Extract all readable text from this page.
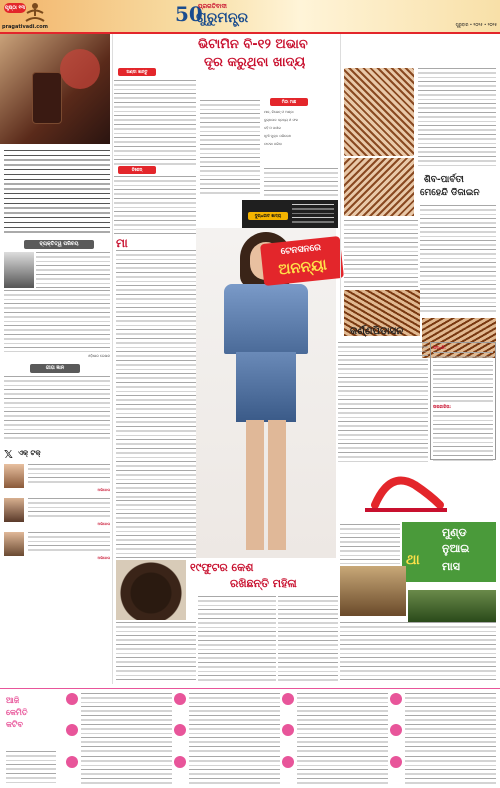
ପୃଷ୍ଠା ୧୩
pragativadi.com
50
ପ୍ରଗତିବାଦୀ
ଗୁରୁମନ୍ତ୍ର	ଗୁରୁବାର • ୨୦୨୫ • ୨୦୨୫
ଅଣ୍ଡା ଖାନ୍ତୁ
ଚିକେନ୍
ଭିଟାମିନ ବି-୧୨ ଅଭାବ
ଦୂର କରୁଥିବା ଖାଦ୍ୟ
ମିଠା ମାଛ
ମାଛ, ଚିକେନ୍ ଓ ଅଣ୍ଡା
ଦୁଗ୍ଧଜାତ ଦ୍ରବ୍ୟ ଓ ଫଳ
ଦହି ଓ ପନୀର
ଧୂଆଁ ମୁକ୍ତ ପରିବେଶ
ଟାଟକା ପରିବା
ଦୁଗ୍ଧଜାତ ଖାଦ୍ୟ
ଶିବ-ପାର୍ବତୀ
ମେହେନ୍ଦି ଡିଜାଇନ
ବ୍ୟକ୍ତିତ୍ୱ ପରିଚୟ
ଓଡ଼ିଶାର ଲେଖକ
ଗୀତା ଜ୍ଞାନ
𝕏 ଏକ୍ ଟକ୍
ଅଭିନେତା
ଅଭିନେତା
ଅଭିନେତା
ମା	ଟେନସନରେ
ଅନନ୍ୟା
କର୍ଣ୍ଣପିଡାସନ
ପଦ୍ଧତି:
ଉପକାରିତା:
୧୯ଫୁଟର କେଶ
ରଖିଛନ୍ତି ମହିଳା
ମୁଣ୍ଡ
ନୁଆଇ
ଥା ମାସ
ଆଜି
କେମିତି
କଟିବ
